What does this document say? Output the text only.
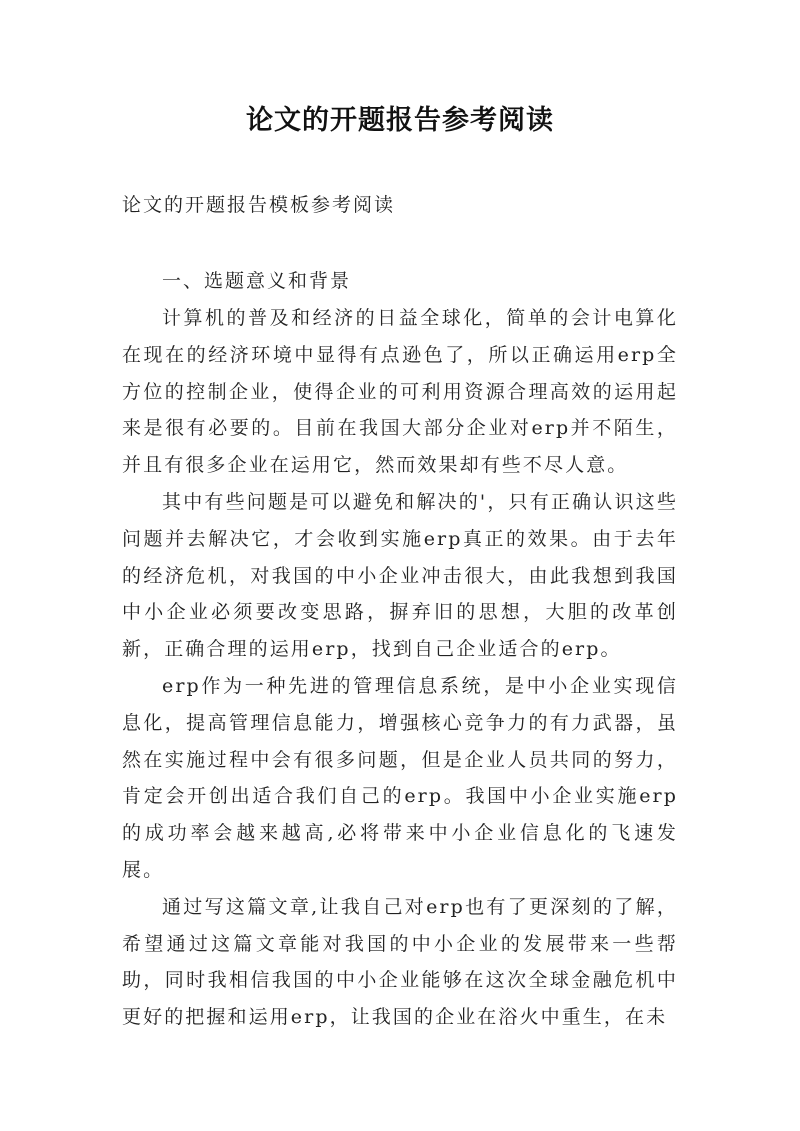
论文的开题报告参考阅读
论文的开题报告模板参考阅读
一、选题意义和背景

计算机的普及和经济的日益全球化，简单的会计电算化在现在的经济环境中显得有点逊色了，所以正确运用erp全方位的控制企业，使得企业的可利用资源合理高效的运用起来是很有必要的。目前在我国大部分企业对erp并不陌生，并且有很多企业在运用它，然而效果却有些不尽人意。

其中有些问题是可以避免和解决的'，只有正确认识这些问题并去解决它，才会收到实施erp真正的效果。由于去年的经济危机，对我国的中小企业冲击很大，由此我想到我国中小企业必须要改变思路，摒弃旧的思想，大胆的改革创新，正确合理的运用erp，找到自己企业适合的erp。

erp作为一种先进的管理信息系统，是中小企业实现信息化，提高管理信息能力，增强核心竞争力的有力武器，虽然在实施过程中会有很多问题，但是企业人员共同的努力，肯定会开创出适合我们自己的erp。我国中小企业实施erp的成功率会越来越高,必将带来中小企业信息化的飞速发展。

通过写这篇文章,让我自己对erp也有了更深刻的了解，希望通过这篇文章能对我国的中小企业的发展带来一些帮助，同时我相信我国的中小企业能够在这次全球金融危机中更好的把握和运用erp，让我国的企业在浴火中重生，在未
